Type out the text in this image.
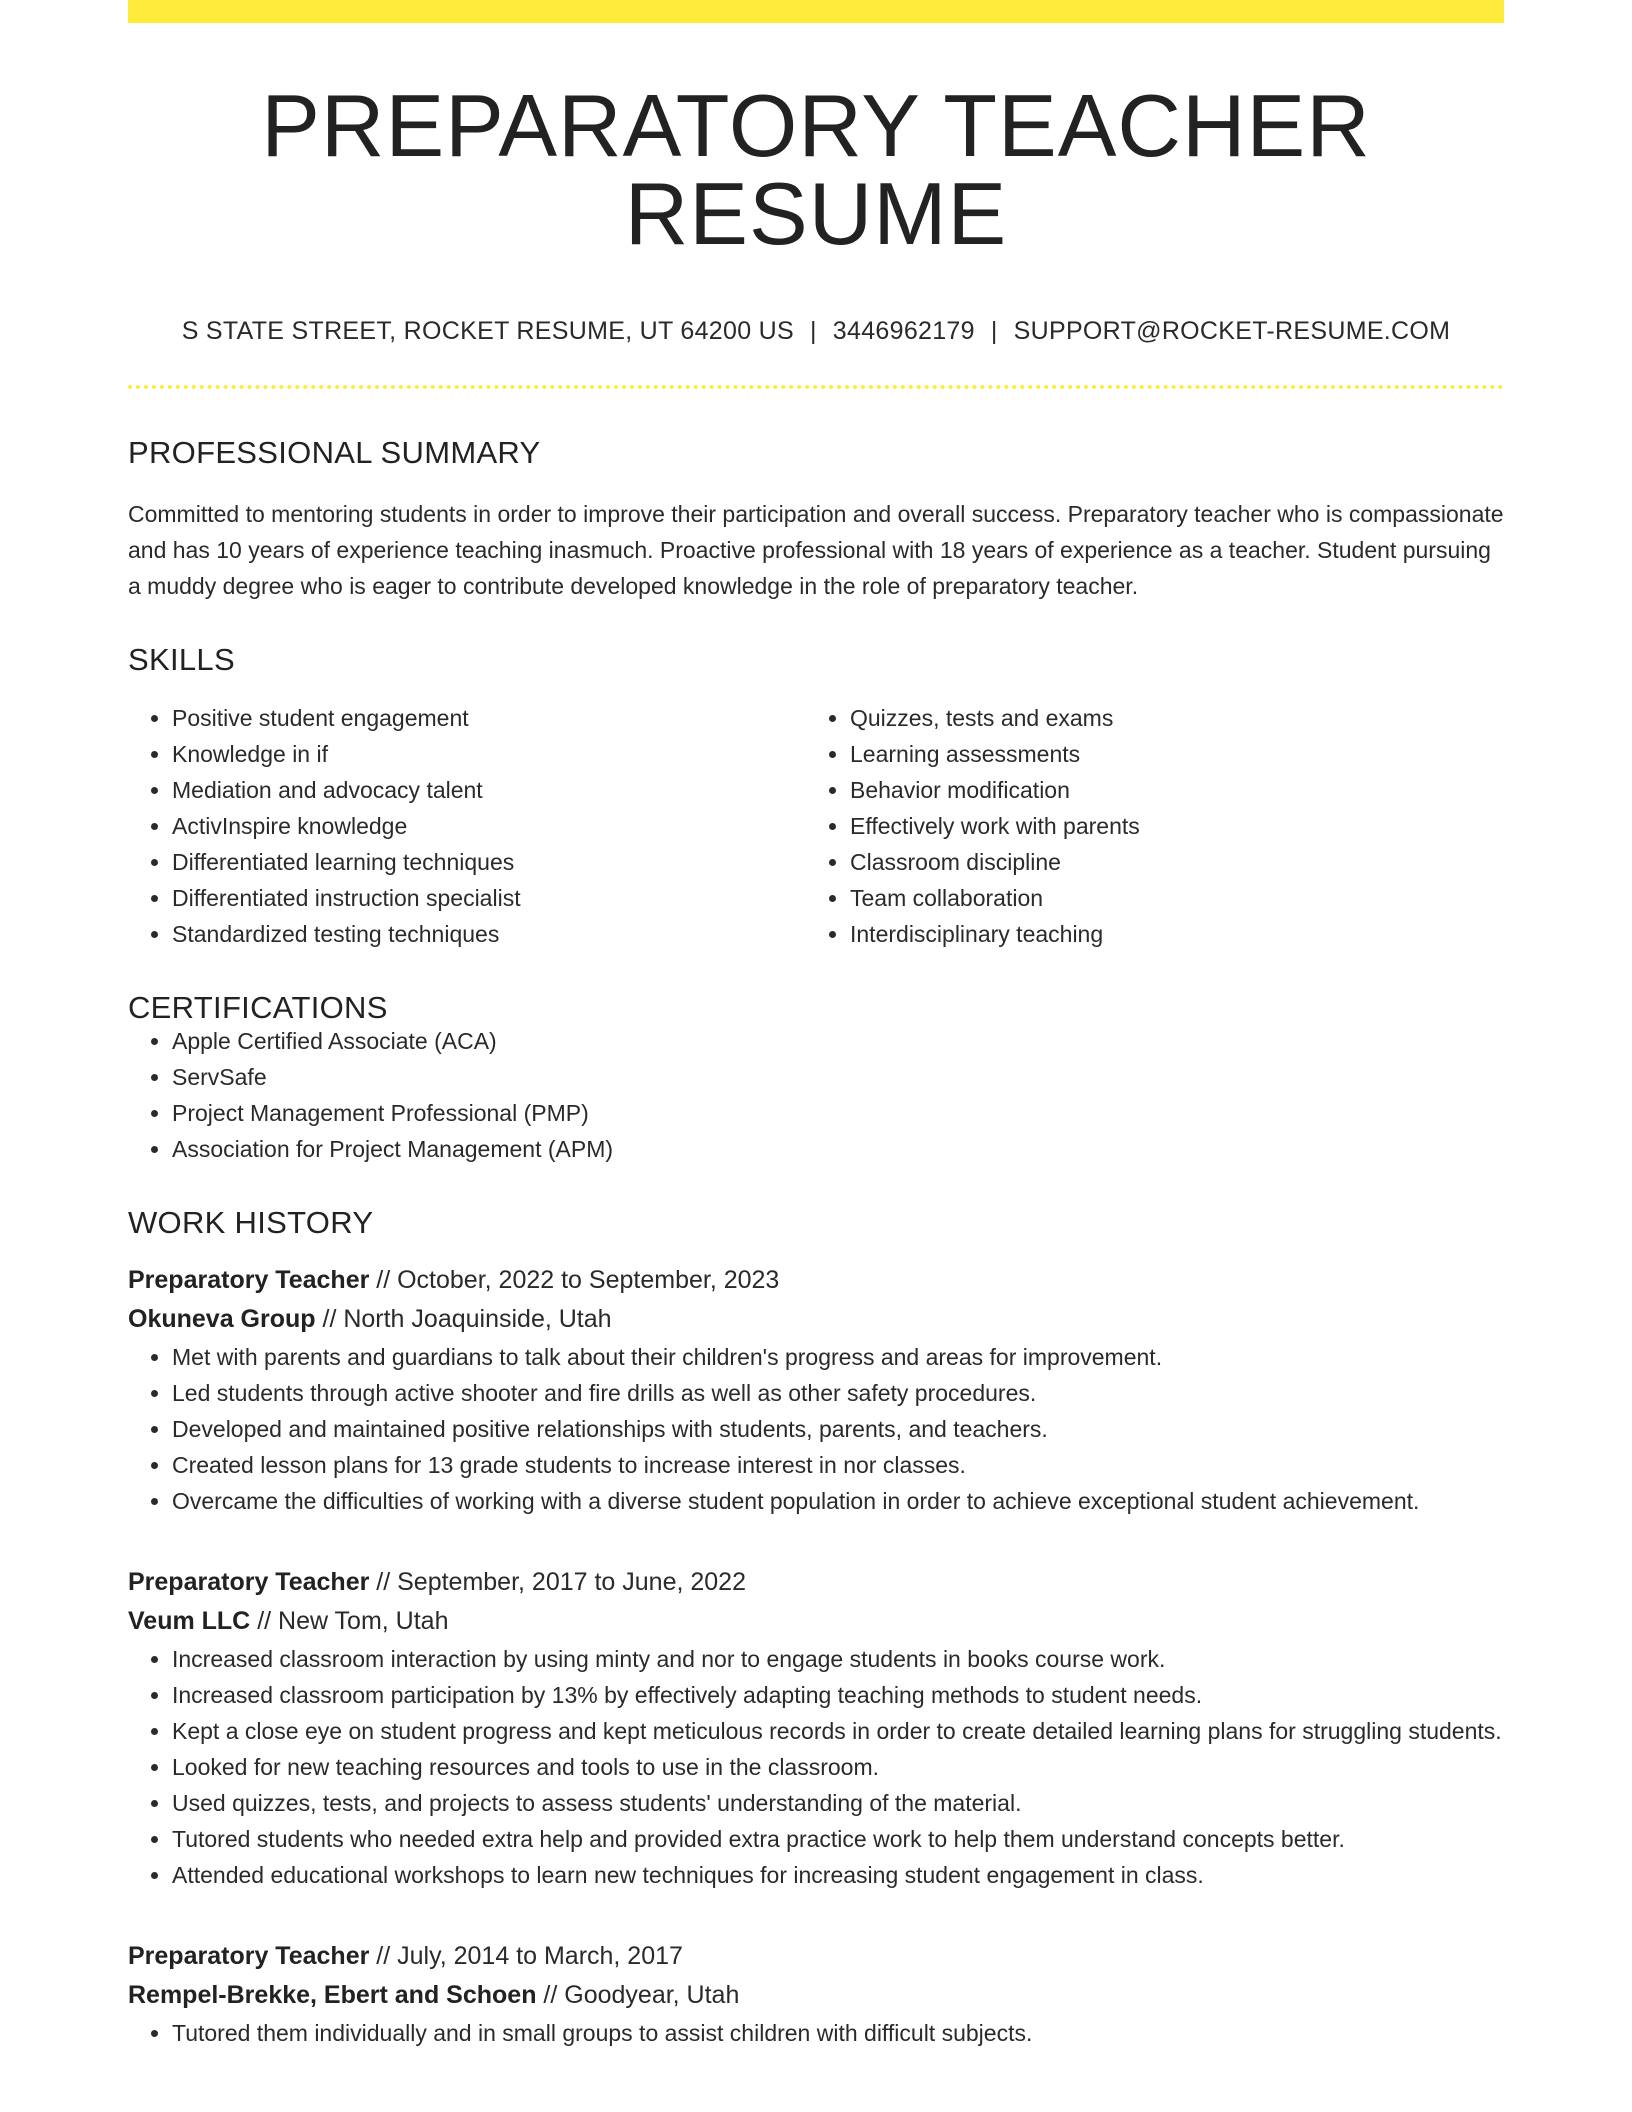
PREPARATORY TEACHER RESUME
S STATE STREET, ROCKET RESUME, UT 64200 US | 3446962179 | SUPPORT@ROCKET-RESUME.COM
PROFESSIONAL SUMMARY
Committed to mentoring students in order to improve their participation and overall success. Preparatory teacher who is compassionate and has 10 years of experience teaching inasmuch. Proactive professional with 18 years of experience as a teacher. Student pursuing a muddy degree who is eager to contribute developed knowledge in the role of preparatory teacher.
SKILLS
• Positive student engagement
• Knowledge in if
• Mediation and advocacy talent
• ActivInspire knowledge
• Differentiated learning techniques
• Differentiated instruction specialist
• Standardized testing techniques
• Quizzes, tests and exams
• Learning assessments
• Behavior modification
• Effectively work with parents
• Classroom discipline
• Team collaboration
• Interdisciplinary teaching
CERTIFICATIONS
• Apple Certified Associate (ACA)
• ServSafe
• Project Management Professional (PMP)
• Association for Project Management (APM)
WORK HISTORY
Preparatory Teacher // October, 2022 to September, 2023
Okuneva Group // North Joaquinside, Utah
• Met with parents and guardians to talk about their children's progress and areas for improvement.
• Led students through active shooter and fire drills as well as other safety procedures.
• Developed and maintained positive relationships with students, parents, and teachers.
• Created lesson plans for 13 grade students to increase interest in nor classes.
• Overcame the difficulties of working with a diverse student population in order to achieve exceptional student achievement.
Preparatory Teacher // September, 2017 to June, 2022
Veum LLC // New Tom, Utah
• Increased classroom interaction by using minty and nor to engage students in books course work.
• Increased classroom participation by 13% by effectively adapting teaching methods to student needs.
• Kept a close eye on student progress and kept meticulous records in order to create detailed learning plans for struggling students.
• Looked for new teaching resources and tools to use in the classroom.
• Used quizzes, tests, and projects to assess students' understanding of the material.
• Tutored students who needed extra help and provided extra practice work to help them understand concepts better.
• Attended educational workshops to learn new techniques for increasing student engagement in class.
Preparatory Teacher // July, 2014 to March, 2017
Rempel-Brekke, Ebert and Schoen // Goodyear, Utah
• Tutored them individually and in small groups to assist children with difficult subjects.
